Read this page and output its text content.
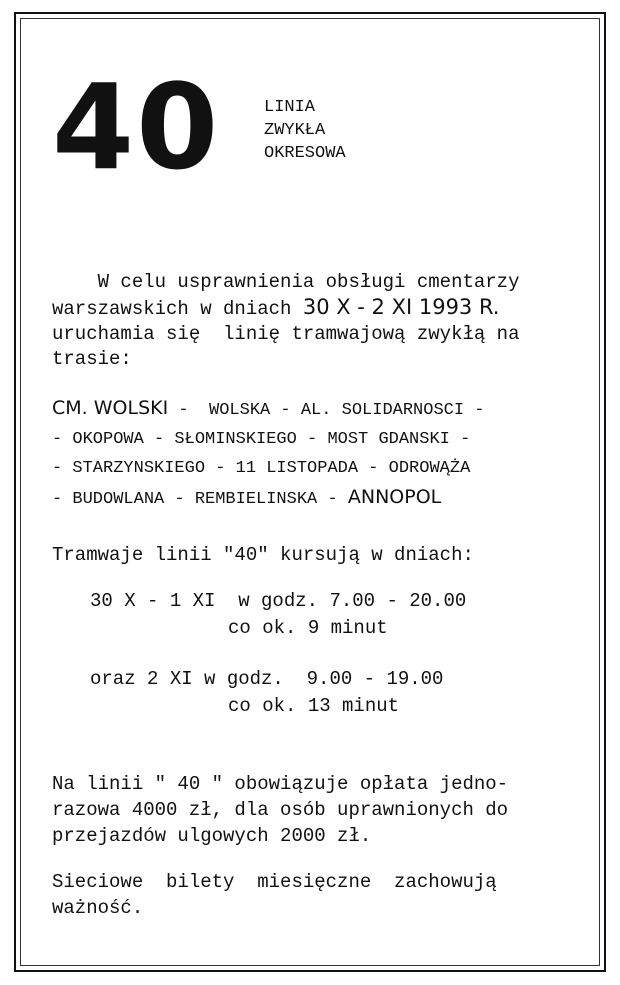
40	LINIA
ZWYKŁA
OKRESOWA
W celu usprawnienia obsługi cmentarzy
warszawskich w dniach 30 X - 2 XI 1993 R.
uruchamia się  linię tramwajową zwykłą na
trasie:
CM. WOLSKI -  WOLSKA - AL. SOLIDARNOSCI -
- OKOPOWA - SŁOMINSKIEGO - MOST GDANSKI -
- STARZYNSKIEGO - 11 LISTOPADA - ODROWĄŻA
- BUDOWLANA - REMBIELINSKA - ANNOPOL
Tramwaje linii "40" kursują w dniach:
30 X - 1 XI  w godz. 7.00 - 20.00
co ok. 9 minut
oraz 2 XI w godz.  9.00 - 19.00
co ok. 13 minut
Na linii " 40 " obowiązuje opłata jedno-
razowa 4000 zł, dla osób uprawnionych do
przejazdów ulgowych 2000 zł.
Sieciowe  bilety  miesięczne  zachowują
ważność.
